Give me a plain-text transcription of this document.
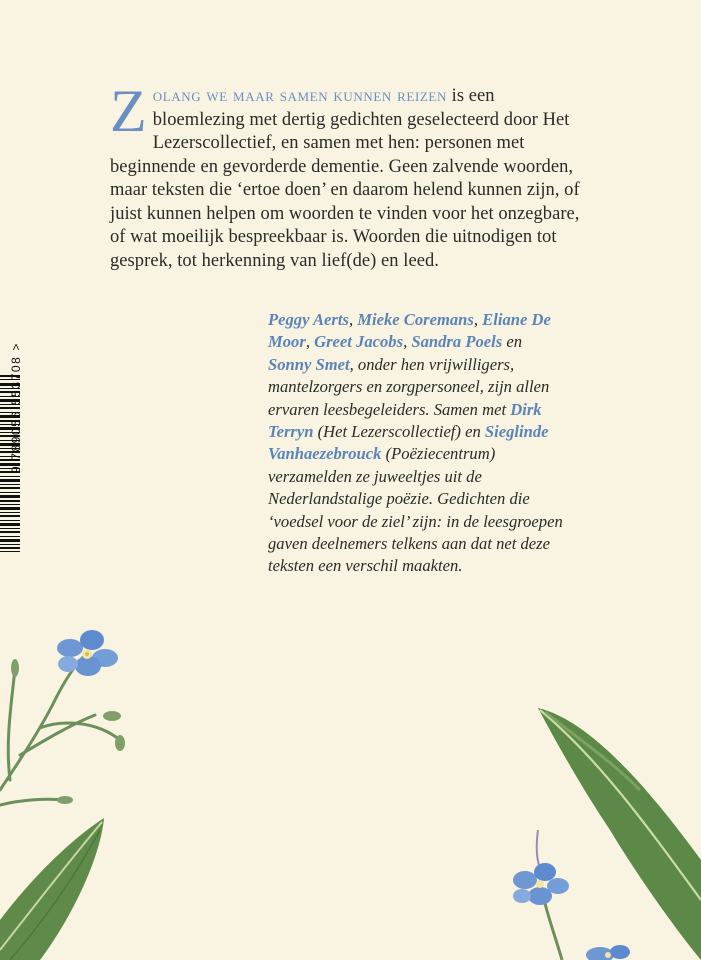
Zolang we maar samen kunnen reizen is een bloemlezing met dertig gedichten geselecteerd door Het Lezerscollectief, en samen met hen: personen met beginnende en gevorderde dementie. Geen zalvende woorden, maar teksten die ‘ertoe doen’ en daarom helend kunnen zijn, of juist kunnen helpen om woorden te vinden voor het onzegbare, of wat moeilijk bespreekbaar is. Woorden die uitnodigen tot gesprek, tot herkenning van lief(de) en leed.

Peggy Aerts, Mieke Coremans, Eliane De Moor, Greet Jacobs, Sandra Poels en Sonny Smet, onder hen vrijwilligers, mantelzorgers en zorgpersoneel, zijn allen ervaren leesbegeleiders. Samen met Dirk Terryn (Het Lezerscollectief) en Sieglinde Vanhaezebrouck (Poëziecentrum) verzamelden ze juweeltjes uit de Nederlandstalige poëzie. Gedichten die ‘voedsel voor de ziel’ zijn: in de leesgroepen gaven deelnemers telkens aan dat net deze teksten een verschil maakten.

9 789056 553708 >
